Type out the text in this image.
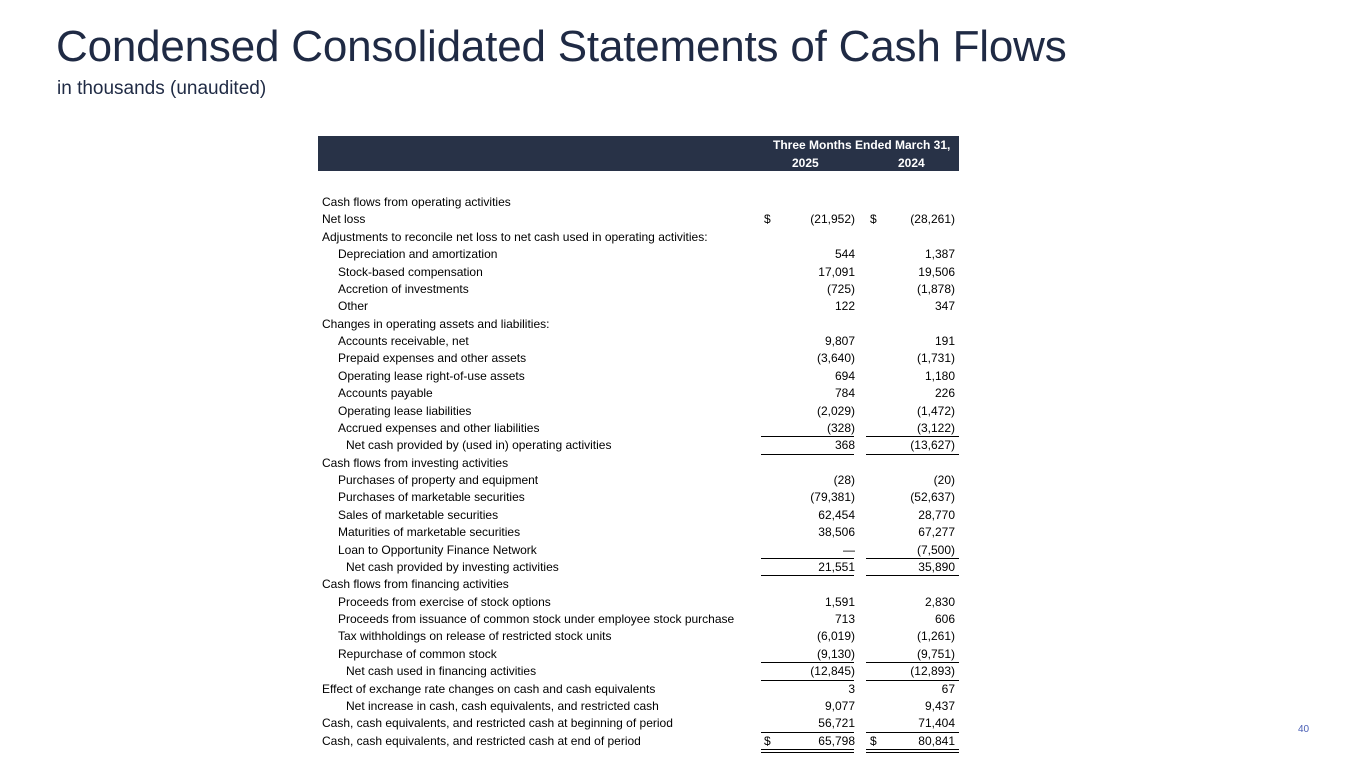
Condensed Consolidated Statements of Cash Flows
in thousands (unaudited)
Three Months Ended March 31,
2025	2024
Cash flows from operating activities
Net loss	$	(21,952) $	(28,261)
Adjustments to reconcile net loss to net cash used in operating activities:
Depreciation and amortization	544	1,387
Stock-based compensation	17,091	19,506
Accretion of investments	(725)	(1,878)
Other	122	347
Changes in operating assets and liabilities:
Accounts receivable, net	9,807	191
Prepaid expenses and other assets	(3,640)	(1,731)
Operating lease right-of-use assets	694	1,180
Accounts payable	784	226
Operating lease liabilities	(2,029)	(1,472)
Accrued expenses and other liabilities	(328)	(3,122)
Net cash provided by (used in) operating activities	368	(13,627)
Cash flows from investing activities
Purchases of property and equipment	(28)	(20)
Purchases of marketable securities	(79,381)	(52,637)
Sales of marketable securities	62,454	28,770
Maturities of marketable securities	38,506	67,277
Loan to Opportunity Finance Network	—	(7,500)
Net cash provided by investing activities	21,551	35,890
Cash flows from financing activities
Proceeds from exercise of stock options	1,591	2,830
Proceeds from issuance of common stock under employee stock purchase	713	606
Tax withholdings on release of restricted stock units	(6,019)	(1,261)
Repurchase of common stock	(9,130)	(9,751)
Net cash used in financing activities	(12,845)	(12,893)
Effect of exchange rate changes on cash and cash equivalents	3	67
Net increase in cash, cash equivalents, and restricted cash	9,077	9,437
Cash, cash equivalents, and restricted cash at beginning of period	56,721	71,404
Cash, cash equivalents, and restricted cash at end of period	$	65,798 $	80,841
40
